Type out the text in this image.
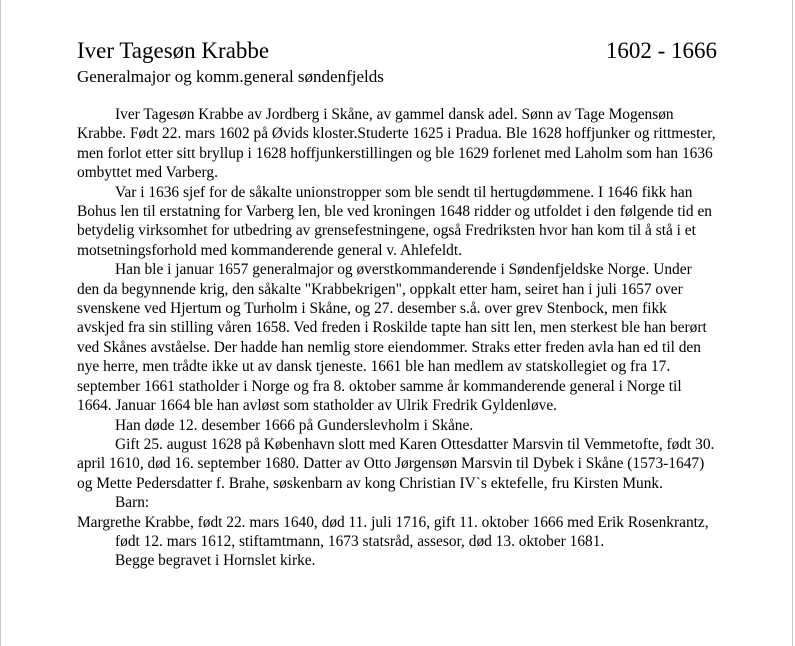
Iver Tagesøn Krabbe	1602 - 1666
Generalmajor og komm.general søndenfjelds

Iver Tagesøn Krabbe av Jordberg i Skåne, av gammel dansk adel. Sønn av Tage Mogensøn Krabbe. Født 22. mars 1602 på Øvids kloster.Studerte 1625 i Pradua. Ble 1628 hoffjunker og rittmester, men forlot etter sitt bryllup i 1628 hoffjunkerstillingen og ble 1629 forlenet med Laholm som han 1636 ombyttet med Varberg.

Var i 1636 sjef for de såkalte unionstropper som ble sendt til hertugdømmene. I 1646 fikk han Bohus len til erstatning for Varberg len, ble ved kroningen 1648 ridder og utfoldet i den følgende tid en betydelig virksomhet for utbedring av grensefestningene, også Fredriksten hvor han kom til å stå i et motsetningsforhold med kommanderende general v. Ahlefeldt.

Han ble i januar 1657 generalmajor og øverstkommanderende i Søndenfjeldske Norge. Under den da begynnende krig, den såkalte "Krabbekrigen", oppkalt etter ham, seiret han i juli 1657 over svenskene ved Hjertum og Turholm i Skåne, og 27. desember s.å. over grev Stenbock, men fikk avskjed fra sin stilling våren 1658. Ved freden i Roskilde tapte han sitt len, men sterkest ble han berørt ved Skånes avståelse. Der hadde han nemlig store eiendommer. Straks etter freden avla han ed til den nye herre, men trådte ikke ut av dansk tjeneste. 1661 ble han medlem av statskollegiet og fra 17. september 1661 statholder i Norge og fra 8. oktober samme år kommanderende general i Norge til 1664. Januar 1664 ble han avløst som statholder av Ulrik Fredrik Gyldenløve.

Han døde 12. desember 1666 på Gunderslevholm i Skåne.

Gift 25. august 1628 på København slott med Karen Ottesdatter Marsvin til Vemmetofte, født 30. april 1610, død 16. september 1680. Datter av Otto Jørgensøn Marsvin til Dybek i Skåne (1573-1647) og Mette Pedersdatter f. Brahe, søskenbarn av kong Christian IV`s ektefelle, fru Kirsten Munk.

Barn:

Margrethe Krabbe, født 22. mars 1640, død 11. juli 1716, gift 11. oktober 1666 med Erik Rosenkrantz, født 12. mars 1612, stiftamtmann, 1673 statsråd, assesor, død 13. oktober 1681.

Begge begravet i Hornslet kirke.
